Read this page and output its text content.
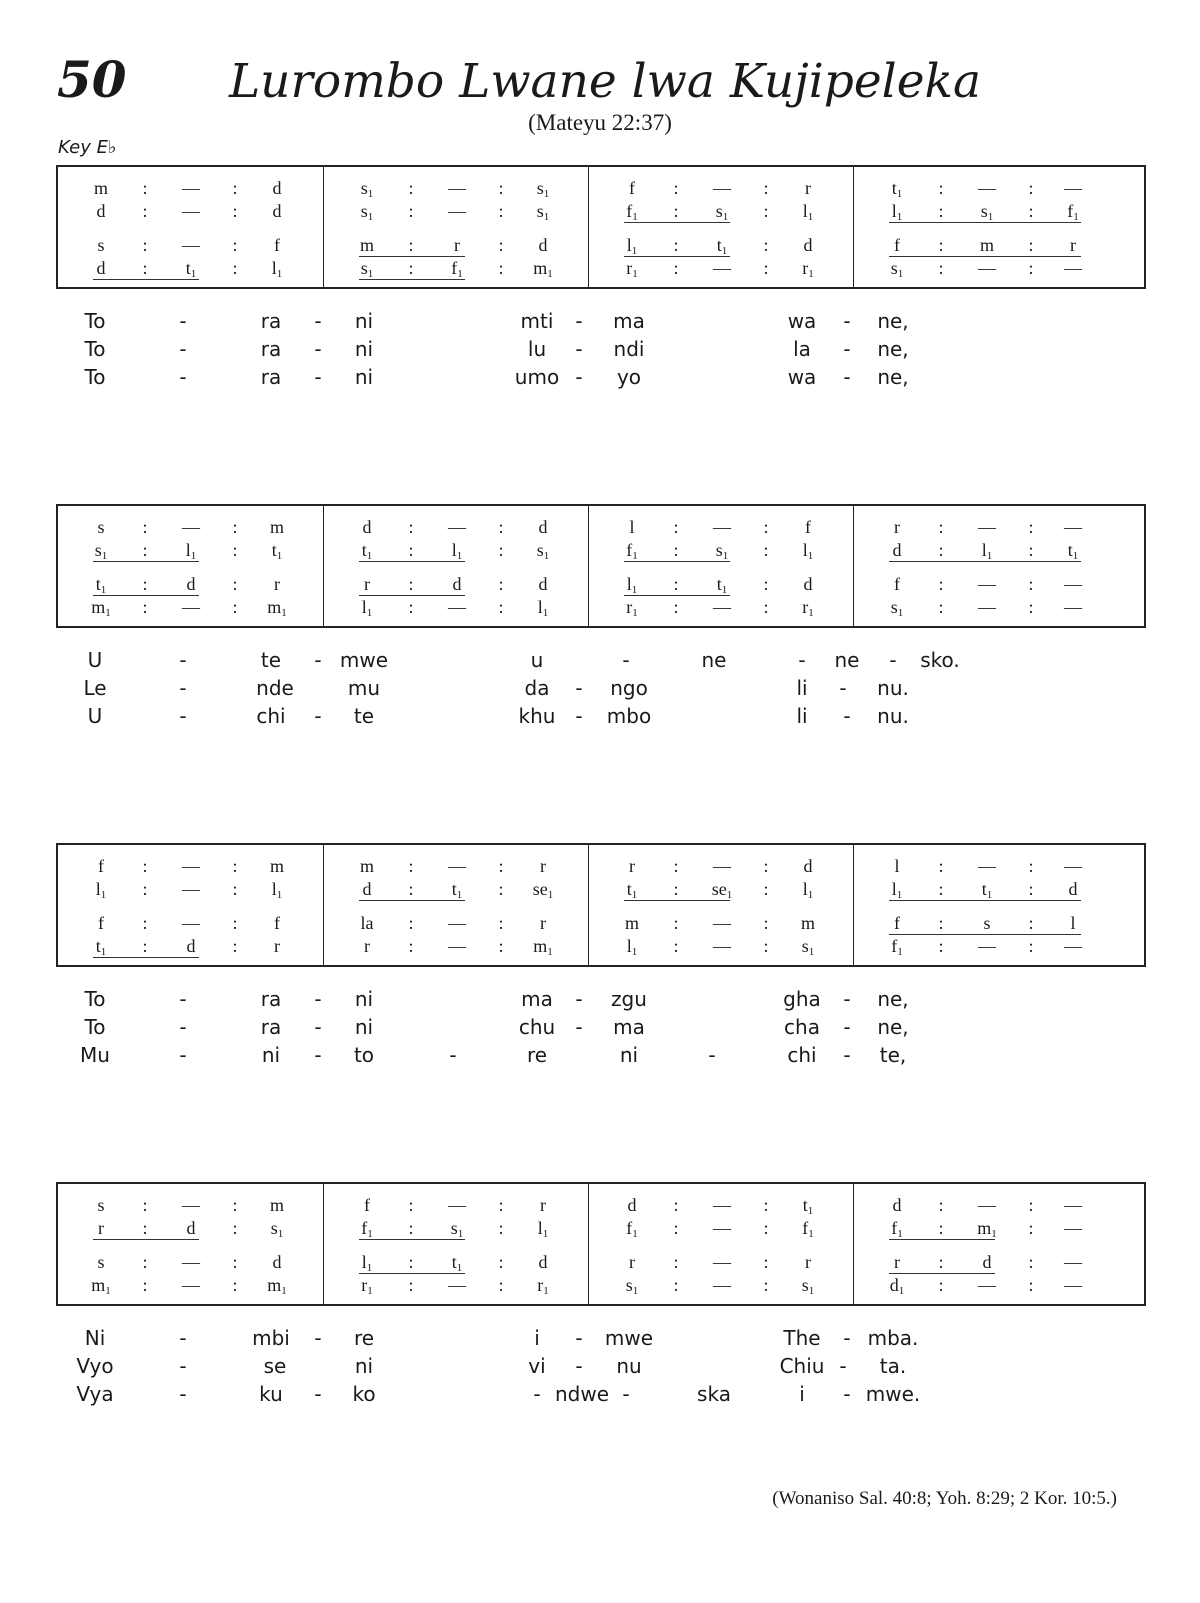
50	Lurombo Lwane lwa Kujipeleka
(Mateyu 22:37)
Key E♭
m	:	—	:	d
d	:	—	:	d
s	:	—	:	f
d	:	$t_1$	:	$l_1$
$s_1$	:	—	:	$s_1$
$s_1$	:	—	:	$s_1$
m	:	r	:	d
$s_1$	:	$f_1$	:	$m_1$
f	:	—	:	r
$f_1$	:	$s_1$	:	$l_1$
$l_1$	:	$t_1$	:	d
$r_1$	:	—	:	$r_1$
$t_1$	:	—	:	—
$l_1$	:	$s_1$	:	$f_1$
f	:	m	:	r
$s_1$	:	—	:	—
To	-	ra - ni	mti - ma	wa - ne,
To	-	ra - ni	lu - ndi	la - ne,
To	-	ra - ni	umo - yo	wa - ne,
s	:	—	:	m
$s_1$	:	$l_1$	:	$t_1$
$t_1$	:	d	:	r
$m_1$	:	—	:	$m_1$
d	:	—	:	d
$t_1$	:	$l_1$	:	$s_1$
r	:	d	:	d
$l_1$	:	—	:	$l_1$
l	:	—	:	f
$f_1$	:	$s_1$	:	$l_1$
$l_1$	:	$t_1$	:	d
$r_1$	:	—	:	$r_1$
r	:	—	:	—
d	:	$l_1$	:	$t_1$
f	:	—	:	—
$s_1$	:	—	:	—
U	-	te - mwe	u	-	ne	- ne - sko.
Le	-	nde	mu	da - ngo	li - nu.
U	-	chi - te	khu - mbo	li - nu.
f	:	—	:	m
$l_1$	:	—	:	$l_1$
f	:	—	:	f
$t_1$	:	d	:	r
m	:	—	:	r
d	:	$t_1$	:	$se_1$
la	:	—	:	r
r	:	—	:	$m_1$
r	:	—	:	d
$t_1$	:	$se_1$	:	$l_1$
m	:	—	:	m
$l_1$	:	—	:	$s_1$
l	:	—	:	—
$l_1$	:	$t_1$	:	d
f	:	s	:	l
$f_1$	:	—	:	—
To	-	ra - ni	ma - zgu	gha - ne,
To	-	ra - ni	chu - ma	cha - ne,
Mu	-	ni - to	-	re	ni	-	chi - te,
s	:	—	:	m
r	:	d	:	$s_1$
s	:	—	:	d
$m_1$	:	—	:	$m_1$
f	:	—	:	r
$f_1$	:	$s_1$	:	$l_1$
$l_1$	:	$t_1$	:	d
$r_1$	:	—	:	$r_1$
d	:	—	:	$t_1$
$f_1$	:	—	:	$f_1$
r	:	—	:	r
$s_1$	:	—	:	$s_1$
d	:	—	:	—
$f_1$	:	$m_1$	:	—
r	:	d	:	—
$d_1$	:	—	:	—
Ni	-	mbi - re	i - mwe	The - mba.
Vyo	-	se	ni	vi - nu	Chiu - ta.
Vya	-	ku - ko	- ndwe -	ska	i - mwe.
(Wonaniso Sal. 40:8; Yoh. 8:29; 2 Kor. 10:5.)
